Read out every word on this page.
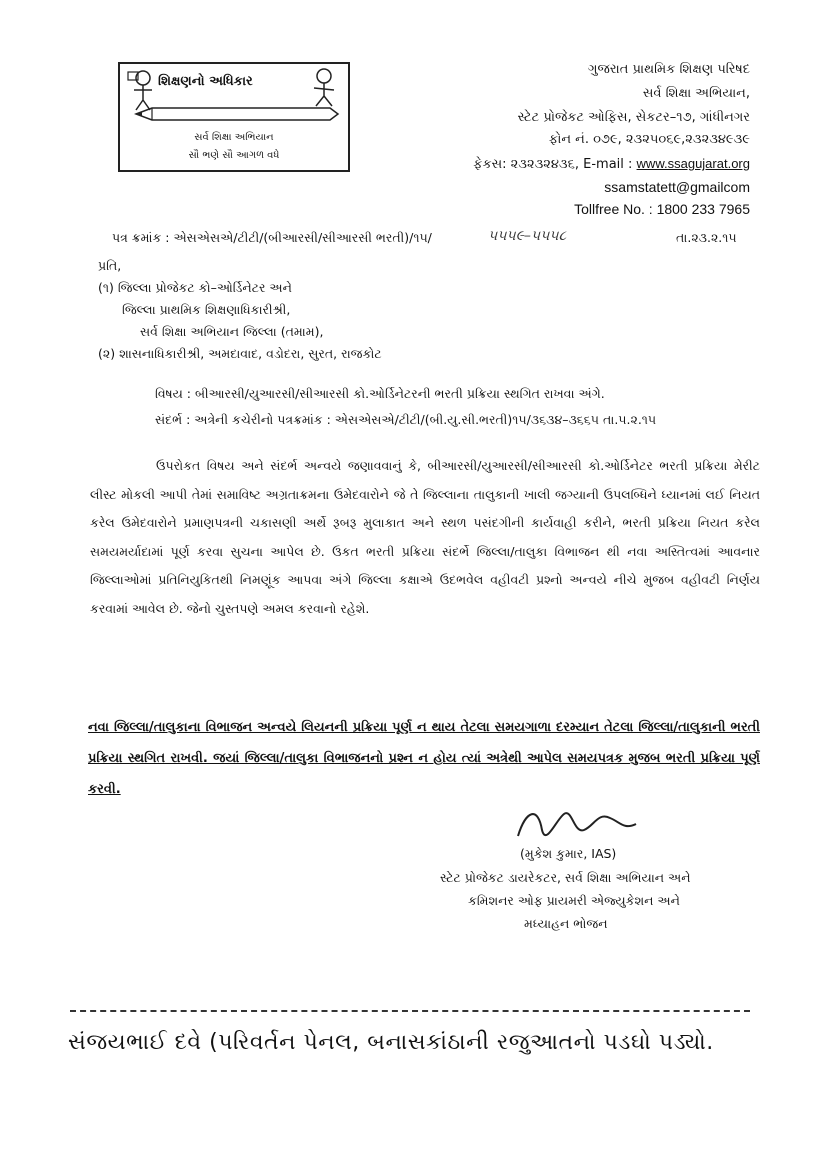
શિક્ષણનો અધિકાર
સર્વ શિક્ષા અભિયાન
સૌ ભણે સૌ આગળ વધે
ગુજરાત પ્રાથમિક શિક્ષણ પરિષદ
સર્વ શિક્ષા અભિયાન,
સ્ટેટ પ્રોજેકટ ઓફિસ, સેકટર–૧૭, ગાંધીનગર
ફોન નં. ૦૭૯, ૨૩૨૫૦૬૯,૨૩૨૩૪૯૩૯
ફેકસ: ૨૩૨૩૨૪૩૬, E-mail : www.ssagujarat.org
ssamstatett@gmailcom
Tollfree No. : 1800 233 7965
પત્ર ક્રમાંક : એસએસએ/ટીટી/(બીઆરસી/સીઆરસી ભરતી)/૧૫/	૫૫૫૯–૫૫૫૮	તા.૨૩.૨.૧૫
પ્રતિ,
(૧) જિલ્લા પ્રોજેકટ કો–ઓર્ડિનેટર અને
જિલ્લા પ્રાથમિક શિક્ષણાધિકારીશ્રી,
સર્વ શિક્ષા અભિયાન જિલ્લા (તમામ),
(૨) શાસનાધિકારીશ્રી, અમદાવાદ, વડોદરા, સુરત, રાજકોટ
વિષય : બીઆરસી/યુઆરસી/સીઆરસી કો.ઓર્ડિનેટરની ભરતી પ્રક્રિયા સ્થગિત રાખવા અંગે.
સંદર્ભ : અત્રેની કચેરીનો પત્રક્રમાંક : એસએસએ/ટીટી/(બી.યુ.સી.ભરતી)૧૫/૩૬૩૪–૩૬૬૫ તા.૫.૨.૧૫
ઉપરોકત વિષય અને સંદર્ભ અન્વયે જણાવવાનું કે, બીઆરસી/યુઆરસી/સીઆરસી કો.ઓર્ડિનેટર ભરતી પ્રક્રિયા મેરીટ લીસ્ટ મોકલી આપી તેમાં સમાવિષ્ટ અગ્રતાક્રમના ઉમેદવારોને જે તે જિલ્લાના તાલુકાની ખાલી જગ્યાની ઉપલબ્ધિને ધ્યાનમાં લઈ નિયત કરેલ ઉમેદવારોને પ્રમાણપત્રની ચકાસણી અર્થે રૂબરૂ મુલાકાત અને સ્થળ પસંદગીની કાર્યવાહી કરીને, ભરતી પ્રક્રિયા નિયત કરેલ સમયમર્યાદામાં પૂર્ણ કરવા સુચના આપેલ છે. ઉકત ભરતી પ્રક્રિયા સંદર્ભે જિલ્લા/તાલુકા વિભાજન થી નવા અસ્તિત્વમાં આવનાર જિલ્લાઓમાં પ્રતિનિયુકિતથી નિમણૂંક આપવા અંગે જિલ્લા કક્ષાએ ઉદભવેલ વહીવટી પ્રશ્નો અન્વયે નીચે મુજબ વહીવટી નિર્ણય કરવામાં આવેલ છે. જેનો ચુસ્તપણે અમલ કરવાનો રહેશે.
નવા જિલ્લા/તાલુકાના વિભાજન અન્વયે લિયનની પ્રક્રિયા પૂર્ણ ન થાય તેટલા સમયગાળા દરમ્યાન તેટલા જિલ્લા/તાલુકાની ભરતી પ્રક્રિયા સ્થગિત રાખવી. જયાં જિલ્લા/તાલુકા વિભાજનનો પ્રશ્ન ન હોય ત્યાં અત્રેથી આપેલ સમયપત્રક મુજબ ભરતી પ્રક્રિયા પૂર્ણ કરવી.
(મુકેશ કુમાર, IAS)
સ્ટેટ પ્રોજેકટ ડાયરેકટર, સર્વ શિક્ષા અભિયાન અને
કમિશનર ઓફ પ્રાયમરી એજ્યુકેશન અને
મધ્યાહન ભોજન
સંજયભાઈ દવે (પરિવર્તન પેનલ, બનાસકાંઠાની રજુઆતનો પડઘો પડ્યો.
